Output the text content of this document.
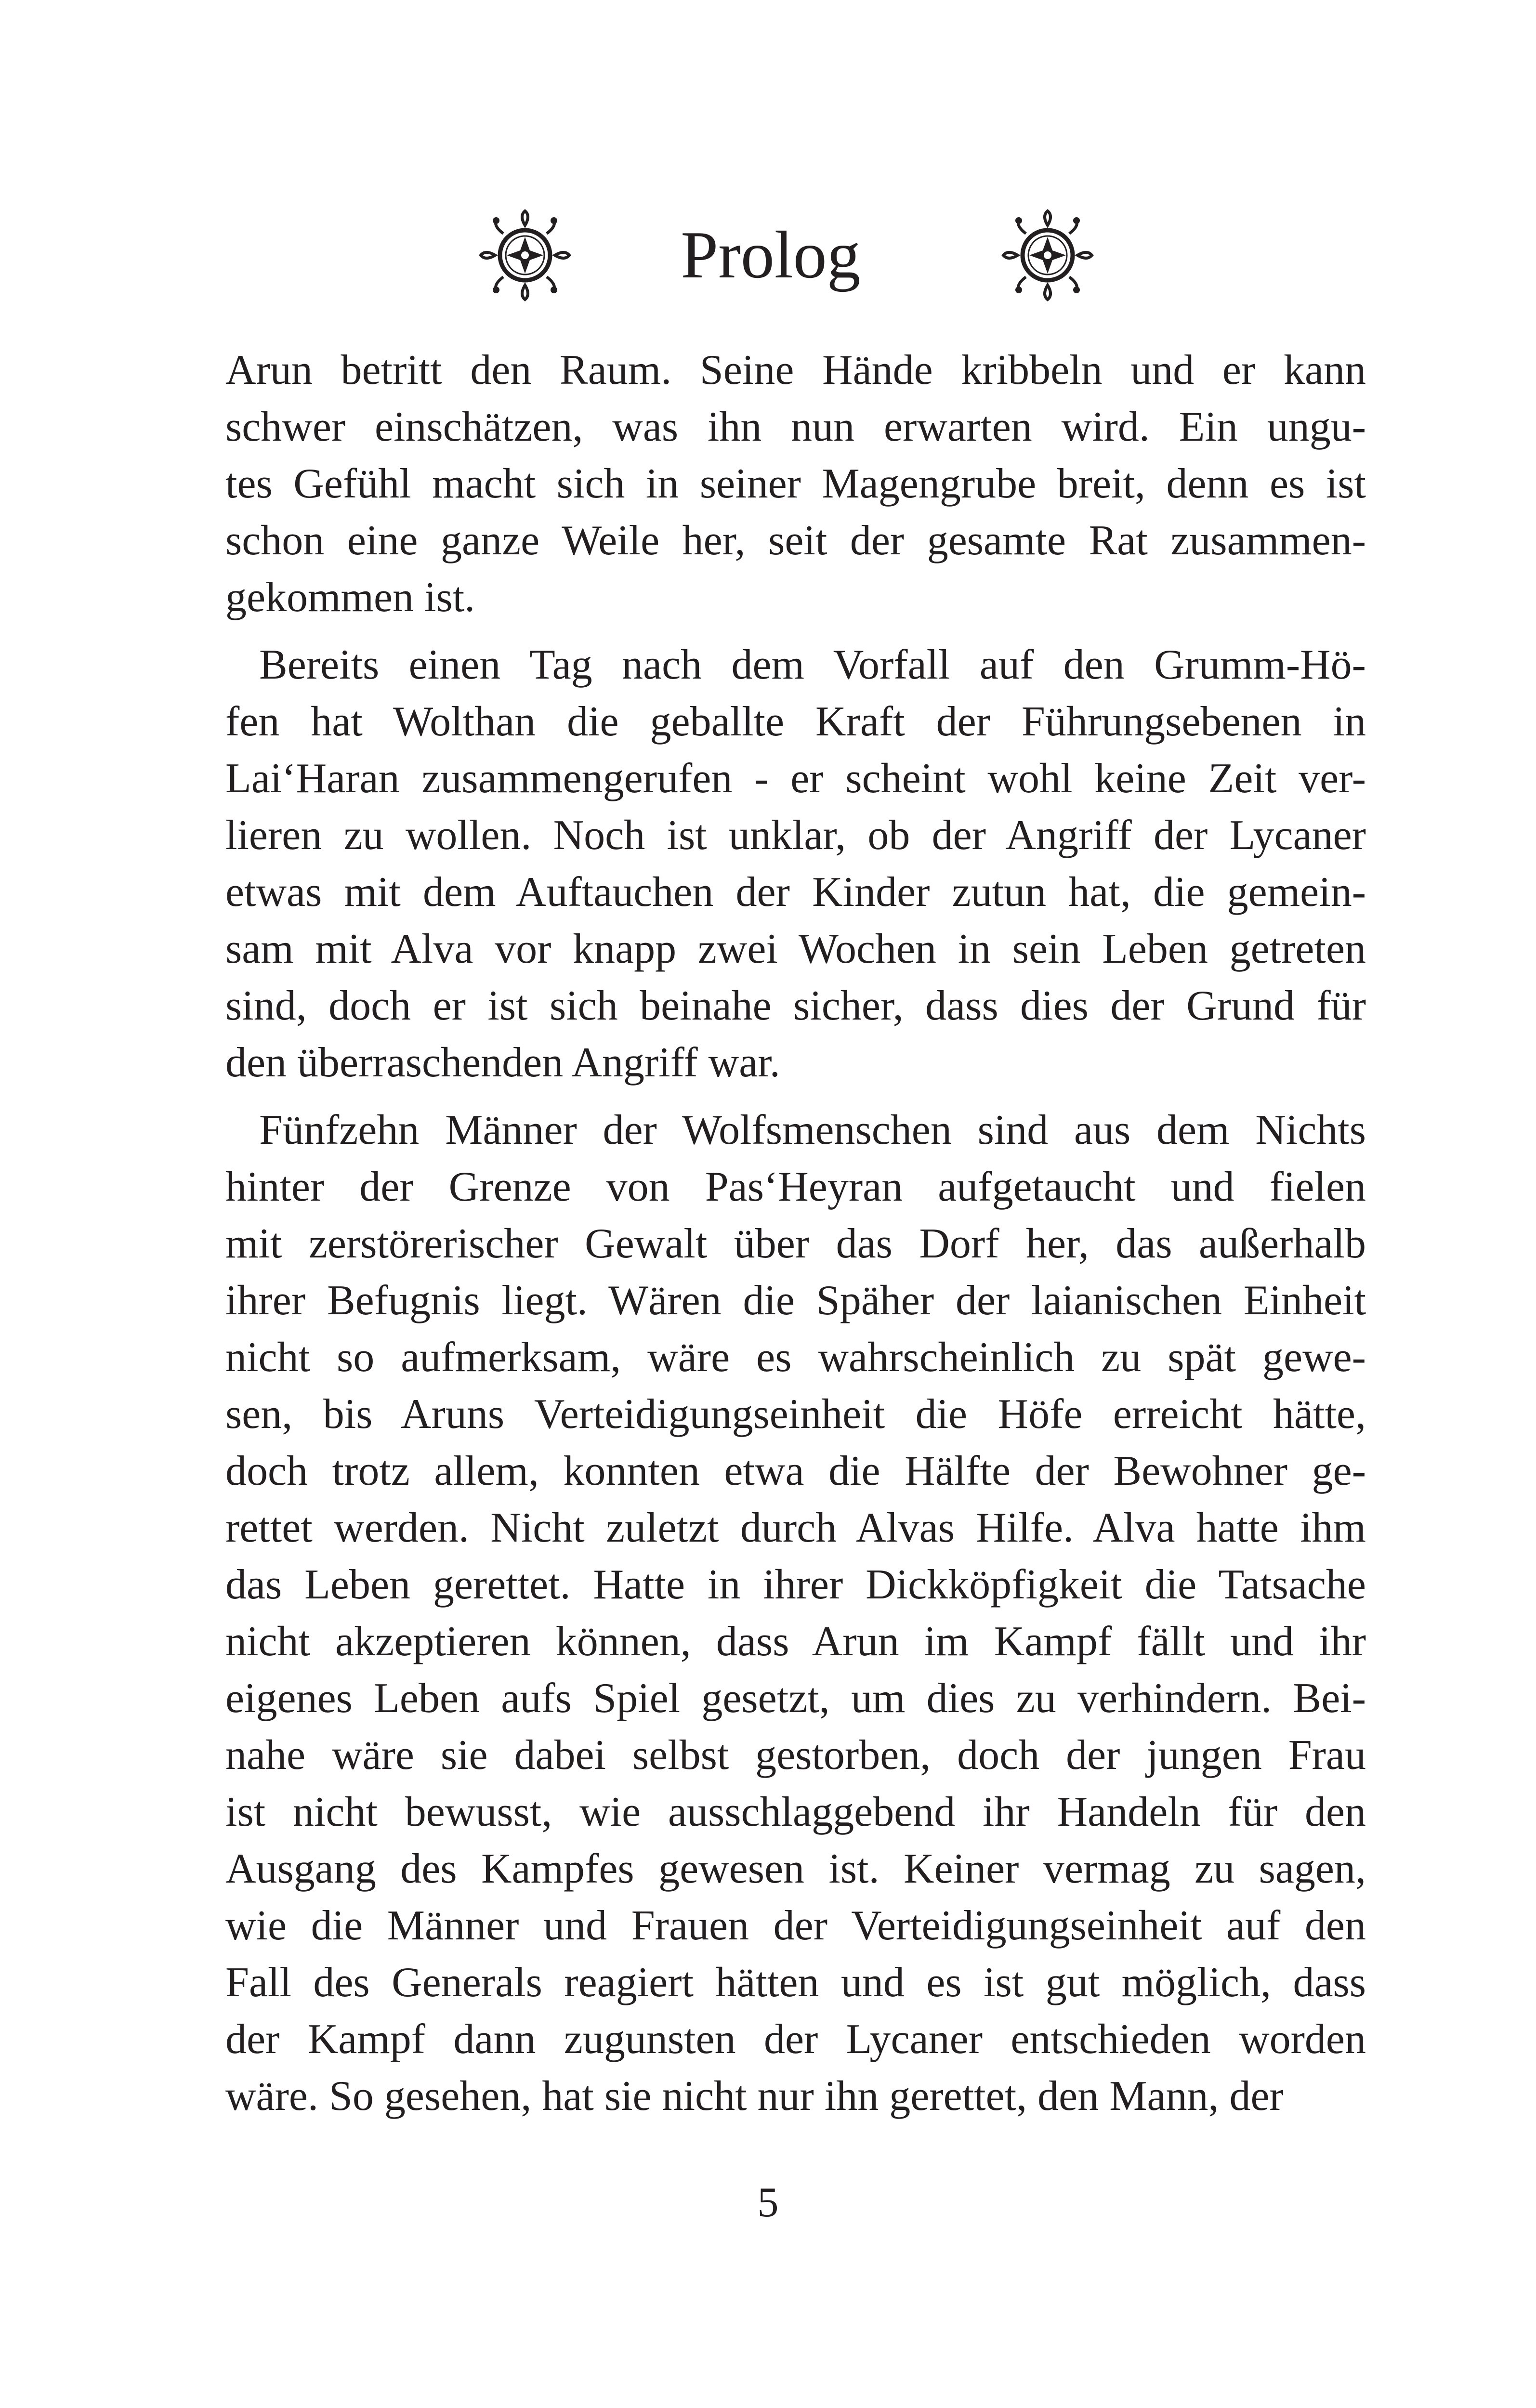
Prolog
Arun betritt den Raum. Seine Hände kribbeln und er kann
schwer einschätzen, was ihn nun erwarten wird. Ein ungu-
tes Gefühl macht sich in seiner Magengrube breit, denn es ist
schon eine ganze Weile her, seit der gesamte Rat zusammen-
gekommen ist.
Bereits einen Tag nach dem Vorfall auf den Grumm-Hö-
fen hat Wolthan die geballte Kraft der Führungsebenen in
Lai‘Haran zusammengerufen - er scheint wohl keine Zeit ver-
lieren zu wollen. Noch ist unklar, ob der Angriff der Lycaner
etwas mit dem Auftauchen der Kinder zutun hat, die gemein-
sam mit Alva vor knapp zwei Wochen in sein Leben getreten
sind, doch er ist sich beinahe sicher, dass dies der Grund für
den überraschenden Angriff war.
Fünfzehn Männer der Wolfsmenschen sind aus dem Nichts
hinter der Grenze von Pas‘Heyran aufgetaucht und fielen
mit zerstörerischer Gewalt über das Dorf her, das außerhalb
ihrer Befugnis liegt. Wären die Späher der laianischen Einheit
nicht so aufmerksam, wäre es wahrscheinlich zu spät gewe-
sen, bis Aruns Verteidigungseinheit die Höfe erreicht hätte,
doch trotz allem, konnten etwa die Hälfte der Bewohner ge-
rettet werden. Nicht zuletzt durch Alvas Hilfe. Alva hatte ihm
das Leben gerettet. Hatte in ihrer Dickköpfigkeit die Tatsache
nicht akzeptieren können, dass Arun im Kampf fällt und ihr
eigenes Leben aufs Spiel gesetzt, um dies zu verhindern. Bei-
nahe wäre sie dabei selbst gestorben, doch der jungen Frau
ist nicht bewusst, wie ausschlaggebend ihr Handeln für den
Ausgang des Kampfes gewesen ist. Keiner vermag zu sagen,
wie die Männer und Frauen der Verteidigungseinheit auf den
Fall des Generals reagiert hätten und es ist gut möglich, dass
der Kampf dann zugunsten der Lycaner entschieden worden
wäre. So gesehen, hat sie nicht nur ihn gerettet, den Mann, der
5
